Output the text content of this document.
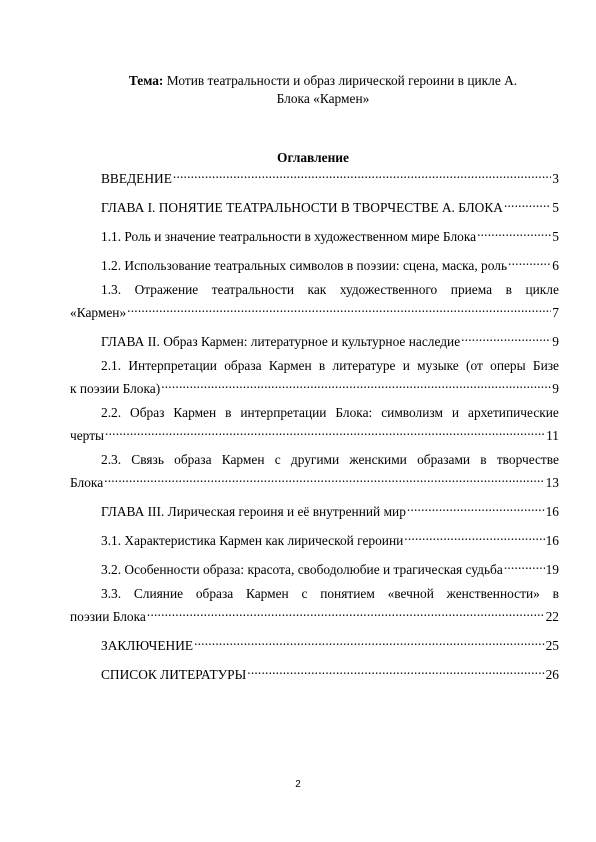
Тема: Мотив театральности и образ лирической героини в цикле А.
Блока «Кармен»
Оглавление
ВВЕДЕНИЕ .....	3
ГЛАВА I. ПОНЯТИЕ ТЕАТРАЛЬНОСТИ В ТВОРЧЕСТВЕ А. БЛОКА .....	5
1.1. Роль и значение театральности в художественном мире Блока .....	5
1.2. Использование театральных символов в поэзии: сцена, маска, роль .....	6
1.3. Отражение театральности как художественного приема в цикле
«Кармен» .....	7
ГЛАВА II. Образ Кармен: литературное и культурное наследие .....	9
2.1. Интерпретации образа Кармен в литературе и музыке (от оперы Бизе
к поэзии Блока) .....	9
2.2. Образ Кармен в интерпретации Блока: символизм и архетипические
черты .....	11
2.3. Связь образа Кармен с другими женскими образами в творчестве
Блока .....	13
ГЛАВА III. Лирическая героиня и её внутренний мир .....	16
3.1. Характеристика Кармен как лирической героини .....	16
3.2. Особенности образа: красота, свободолюбие и трагическая судьба .....	19
3.3. Слияние образа Кармен с понятием «вечной женственности» в
поэзии Блока .....	22
ЗАКЛЮЧЕНИЕ .....	25
СПИСОК ЛИТЕРАТУРЫ .....	26
2
